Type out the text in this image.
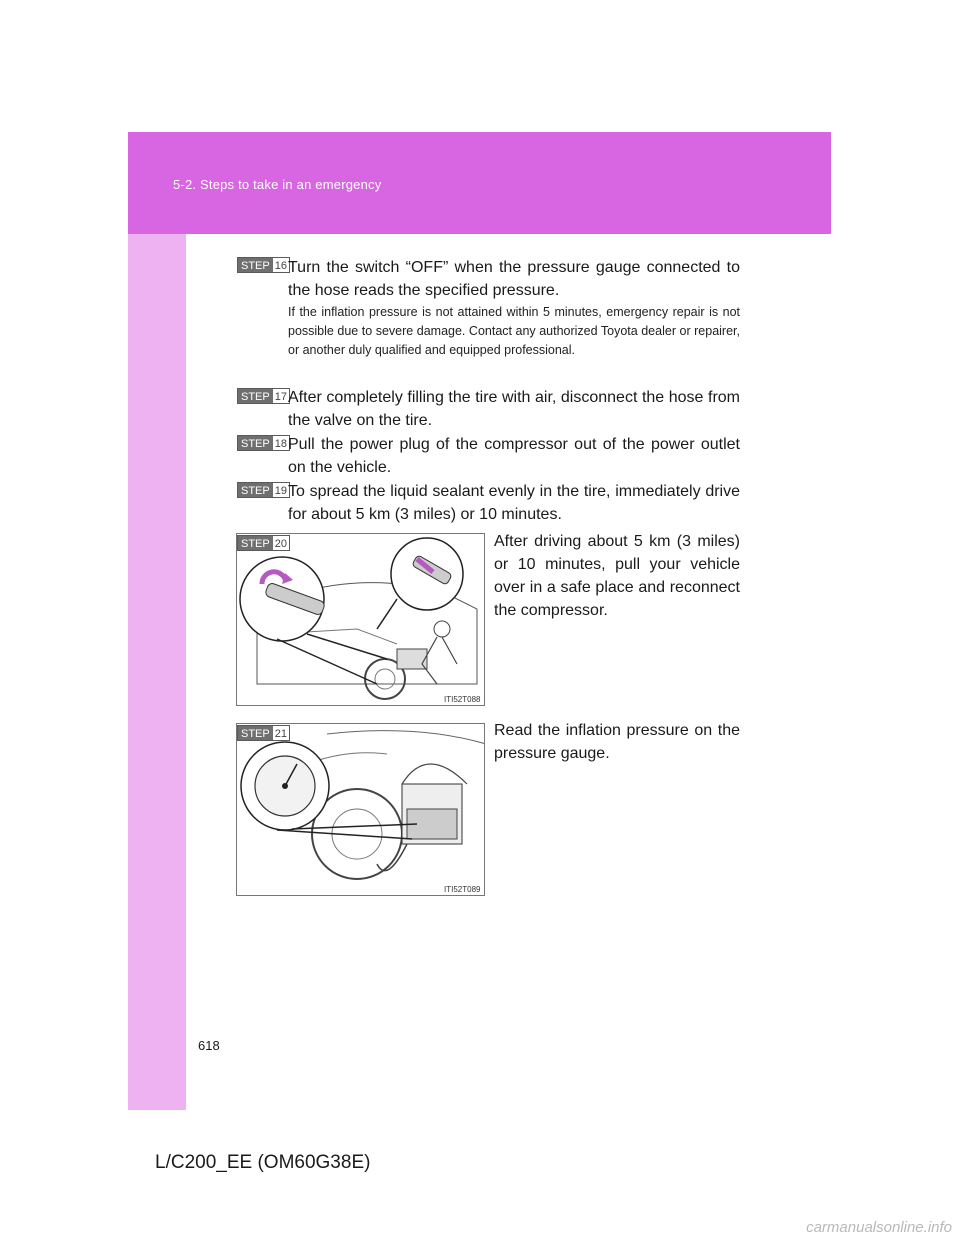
5-2. Steps to take in an emergency
STEP 16 Turn the switch “OFF” when the pressure gauge connected to the hose reads the specified pressure.
If the inflation pressure is not attained within 5 minutes, emergency repair is not possible due to severe damage. Contact any authorized Toyota dealer or repairer, or another duly qualified and equipped professional.
STEP 17 After completely filling the tire with air, disconnect the hose from the valve on the tire.
STEP 18 Pull the power plug of the compressor out of the power outlet on the vehicle.
STEP 19 To spread the liquid sealant evenly in the tire, immediately drive for about 5 km (3 miles) or 10 minutes.
ITI52T088
STEP 20	After driving about 5 km (3 miles) or 10 minutes, pull your vehicle over in a safe place and reconnect the compressor.
ITI52T089
STEP 21	Read the inflation pressure on the pressure gauge.
618
L/C200_EE (OM60G38E)
carmanualsonline.info
